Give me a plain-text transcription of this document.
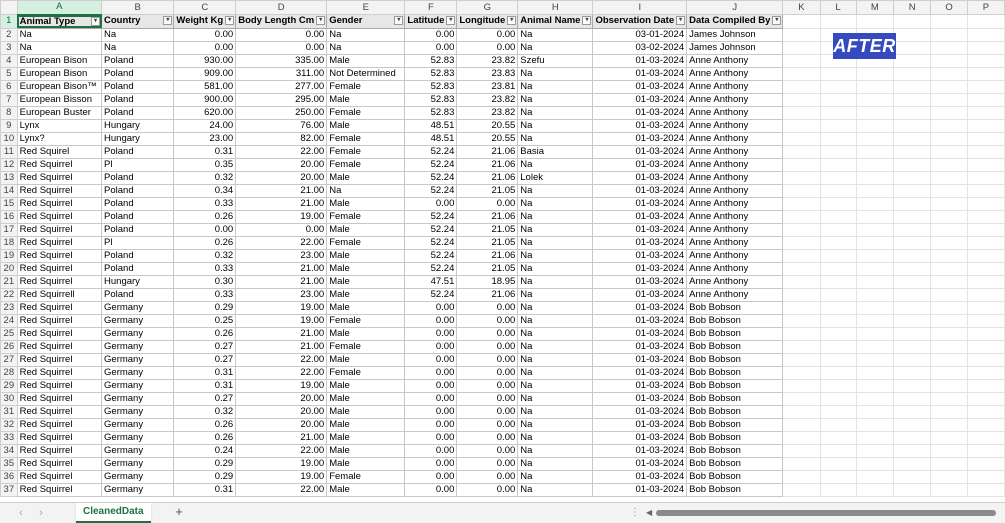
	A	B	C	D	E	F	G	H	I	J	K	L	M	N	O	P
1	Animal Type ▾	Country ▾	Weight Kg ▾	Body Length Cm ▾	Gender ▾	Latitude ▾	Longitude ▾	Animal Name ▾	Observation Date ▾	Data Compiled By ▾						

2	Na	Na	0.00	0.00	Na	0.00	0.00	Na	03-01-2024	James Johnson						
3	Na	Na	0.00	0.00	Na	0.00	0.00	Na	03-02-2024	James Johnson						
4	European Bison	Poland	930.00	335.00	Male	52.83	23.82	Szefu	01-03-2024	Anne Anthony						
5	European Bison	Poland	909.00	311.00	Not Determined	52.83	23.83	Na	01-03-2024	Anne Anthony						
6	European Bison™	Poland	581.00	277.00	Female	52.83	23.81	Na	01-03-2024	Anne Anthony						
7	European Bisson	Poland	900.00	295.00	Male	52.83	23.82	Na	01-03-2024	Anne Anthony						
8	European Buster	Poland	620.00	250.00	Female	52.83	23.82	Na	01-03-2024	Anne Anthony						
9	Lynx	Hungary	24.00	76.00	Male	48.51	20.55	Na	01-03-2024	Anne Anthony						
10	Lynx?	Hungary	23.00	82.00	Female	48.51	20.55	Na	01-03-2024	Anne Anthony						
11	Red Squirel	Poland	0.31	22.00	Female	52.24	21.06	Basia	01-03-2024	Anne Anthony						
12	Red Squirrel	Pl	0.35	20.00	Female	52.24	21.06	Na	01-03-2024	Anne Anthony						
13	Red Squirrel	Poland	0.32	20.00	Male	52.24	21.06	Lolek	01-03-2024	Anne Anthony						
14	Red Squirrel	Poland	0.34	21.00	Na	52.24	21.05	Na	01-03-2024	Anne Anthony						
15	Red Squirrel	Poland	0.33	21.00	Male	0.00	0.00	Na	01-03-2024	Anne Anthony						
16	Red Squirrel	Poland	0.26	19.00	Female	52.24	21.06	Na	01-03-2024	Anne Anthony						
17	Red Squirrel	Poland	0.00	0.00	Male	52.24	21.05	Na	01-03-2024	Anne Anthony						
18	Red Squirrel	Pl	0.26	22.00	Female	52.24	21.05	Na	01-03-2024	Anne Anthony						
19	Red Squirrel	Poland	0.32	23.00	Male	52.24	21.06	Na	01-03-2024	Anne Anthony						
20	Red Squirrel	Poland	0.33	21.00	Male	52.24	21.05	Na	01-03-2024	Anne Anthony						
21	Red Squirrel	Hungary	0.30	21.00	Male	47.51	18.95	Na	01-03-2024	Anne Anthony						
22	Red Squirrell	Poland	0.33	23.00	Male	52.24	21.06	Na	01-03-2024	Anne Anthony						
23	Red Squirrel	Germany	0.29	19.00	Male	0.00	0.00	Na	01-03-2024	Bob Bobson						
24	Red Squirrel	Germany	0.25	19.00	Female	0.00	0.00	Na	01-03-2024	Bob Bobson						
25	Red Squirrel	Germany	0.26	21.00	Male	0.00	0.00	Na	01-03-2024	Bob Bobson						
26	Red Squirrel	Germany	0.27	21.00	Female	0.00	0.00	Na	01-03-2024	Bob Bobson						
27	Red Squirrel	Germany	0.27	22.00	Male	0.00	0.00	Na	01-03-2024	Bob Bobson						
28	Red Squirrel	Germany	0.31	22.00	Female	0.00	0.00	Na	01-03-2024	Bob Bobson						
29	Red Squirrel	Germany	0.31	19.00	Male	0.00	0.00	Na	01-03-2024	Bob Bobson						
30	Red Squirrel	Germany	0.27	20.00	Male	0.00	0.00	Na	01-03-2024	Bob Bobson						
31	Red Squirrel	Germany	0.32	20.00	Male	0.00	0.00	Na	01-03-2024	Bob Bobson						
32	Red Squirrel	Germany	0.26	20.00	Male	0.00	0.00	Na	01-03-2024	Bob Bobson						
33	Red Squirrel	Germany	0.26	21.00	Male	0.00	0.00	Na	01-03-2024	Bob Bobson						
34	Red Squirrel	Germany	0.24	22.00	Male	0.00	0.00	Na	01-03-2024	Bob Bobson						
35	Red Squirrel	Germany	0.29	19.00	Male	0.00	0.00	Na	01-03-2024	Bob Bobson						
36	Red Squirrel	Germany	0.29	19.00	Female	0.00	0.00	Na	01-03-2024	Bob Bobson						
37	Red Squirrel	Germany	0.31	22.00	Male	0.00	0.00	Na	01-03-2024	Bob Bobson						
AFTER
‹	›	CleanedData	+	⋮ ◀
